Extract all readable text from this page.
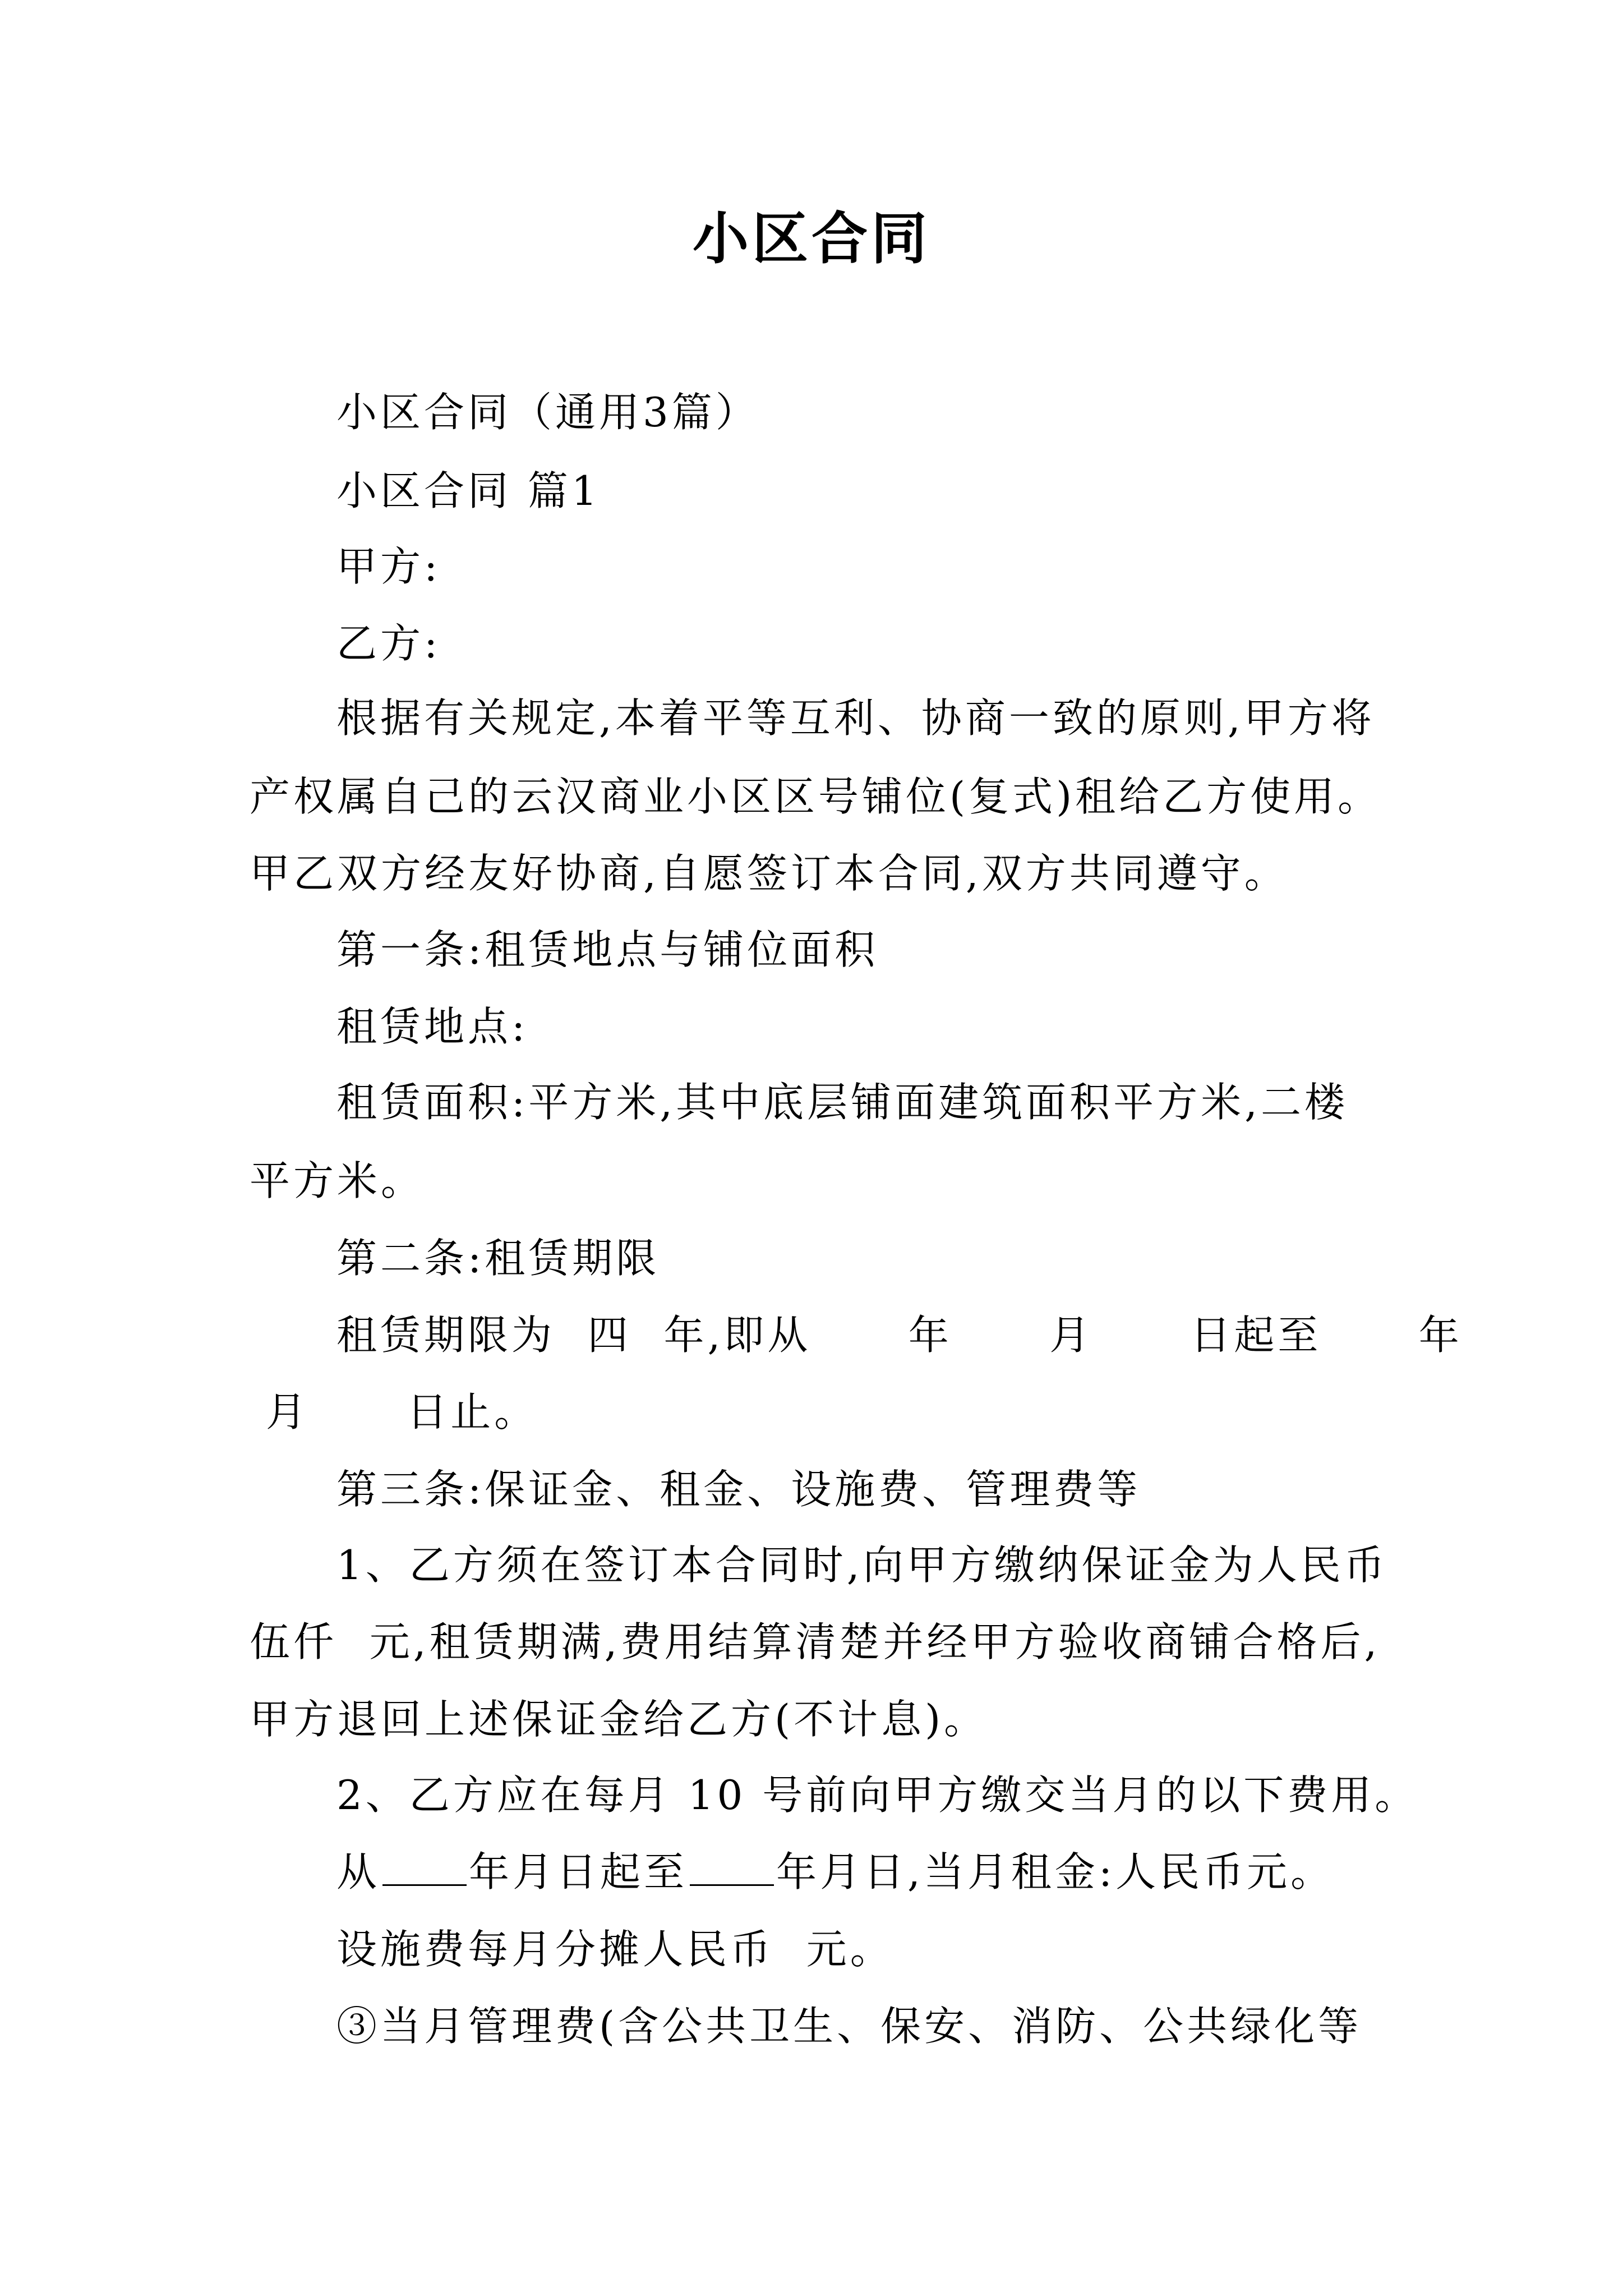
小区合同
小区合同（通用3篇）
小区合同 篇1
甲方:
乙方:
根据有关规定,本着平等互利、协商一致的原则,甲方将
产权属自己的云汉商业小区区号铺位(复式)租给乙方使用。
甲乙双方经友好协商,自愿签订本合同,双方共同遵守。
第一条:租赁地点与铺位面积
租赁地点:
租赁面积:平方米,其中底层铺面建筑面积平方米,二楼
平方米。
第二条:租赁期限
租赁期限为  四  年,即从      年      月      日起至      年
月      日止。
第三条:保证金、租金、设施费、管理费等
1、乙方须在签订本合同时,向甲方缴纳保证金为人民币
伍仟  元,租赁期满,费用结算清楚并经甲方验收商铺合格后,
甲方退回上述保证金给乙方(不计息)。
2、乙方应在每月 10 号前向甲方缴交当月的以下费用。
从 年月日起至 年月日,当月租金:人民币元。
设施费每月分摊人民币  元。
③当月管理费(含公共卫生、保安、消防、公共绿化等
